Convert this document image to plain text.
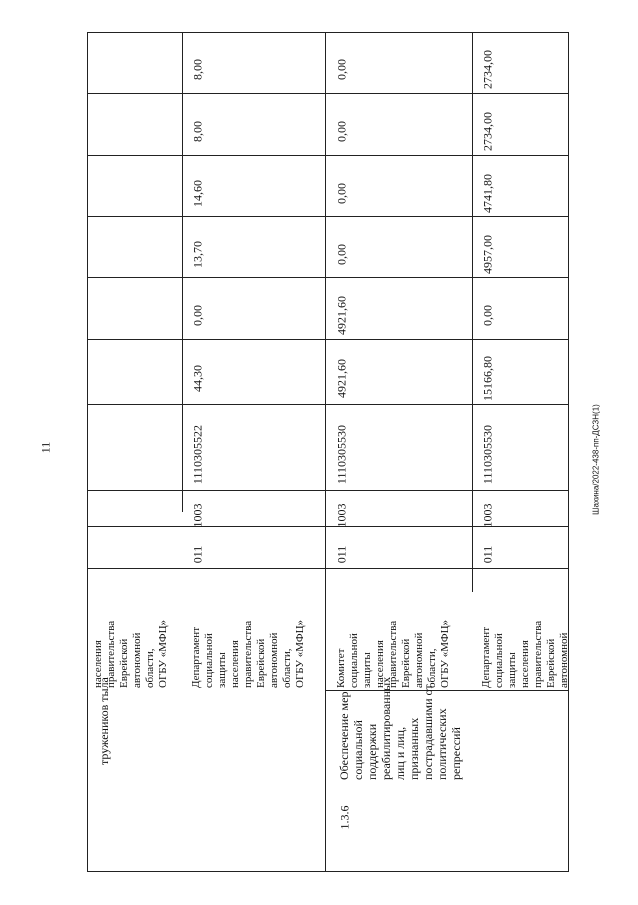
11	Шахина/2022-438-пп-ДСЗН(1)
тружеников тыла
населения
правительства
Еврейской
автономной
области,
ОГБУ «МФЦ» Департамент
социальной
защиты
населения
правительства
Еврейской
автономной
области,
ОГБУ «МФЦ»
011
1003
1110305522
44,30
0,00
13,70
14,60
8,00
8,00
1.3.6
Обеспечение мер
социальной
поддержки
реабилитированных
лиц и лиц,
признанных
пострадавшими от
политических
репрессий
Комитет
социальной
защиты
населения
правительства
Еврейской
автономной
области,
ОГБУ «МФЦ»
011
1003
1110305530
4921,60
4921,60
0,00
0,00
0,00
0,00
Департамент
социальной
защиты
населения
правительства
Еврейской
автономной
011
1003
1110305530
15166,80
0,00
4957,00
4741,80
2734,00
2734,00
